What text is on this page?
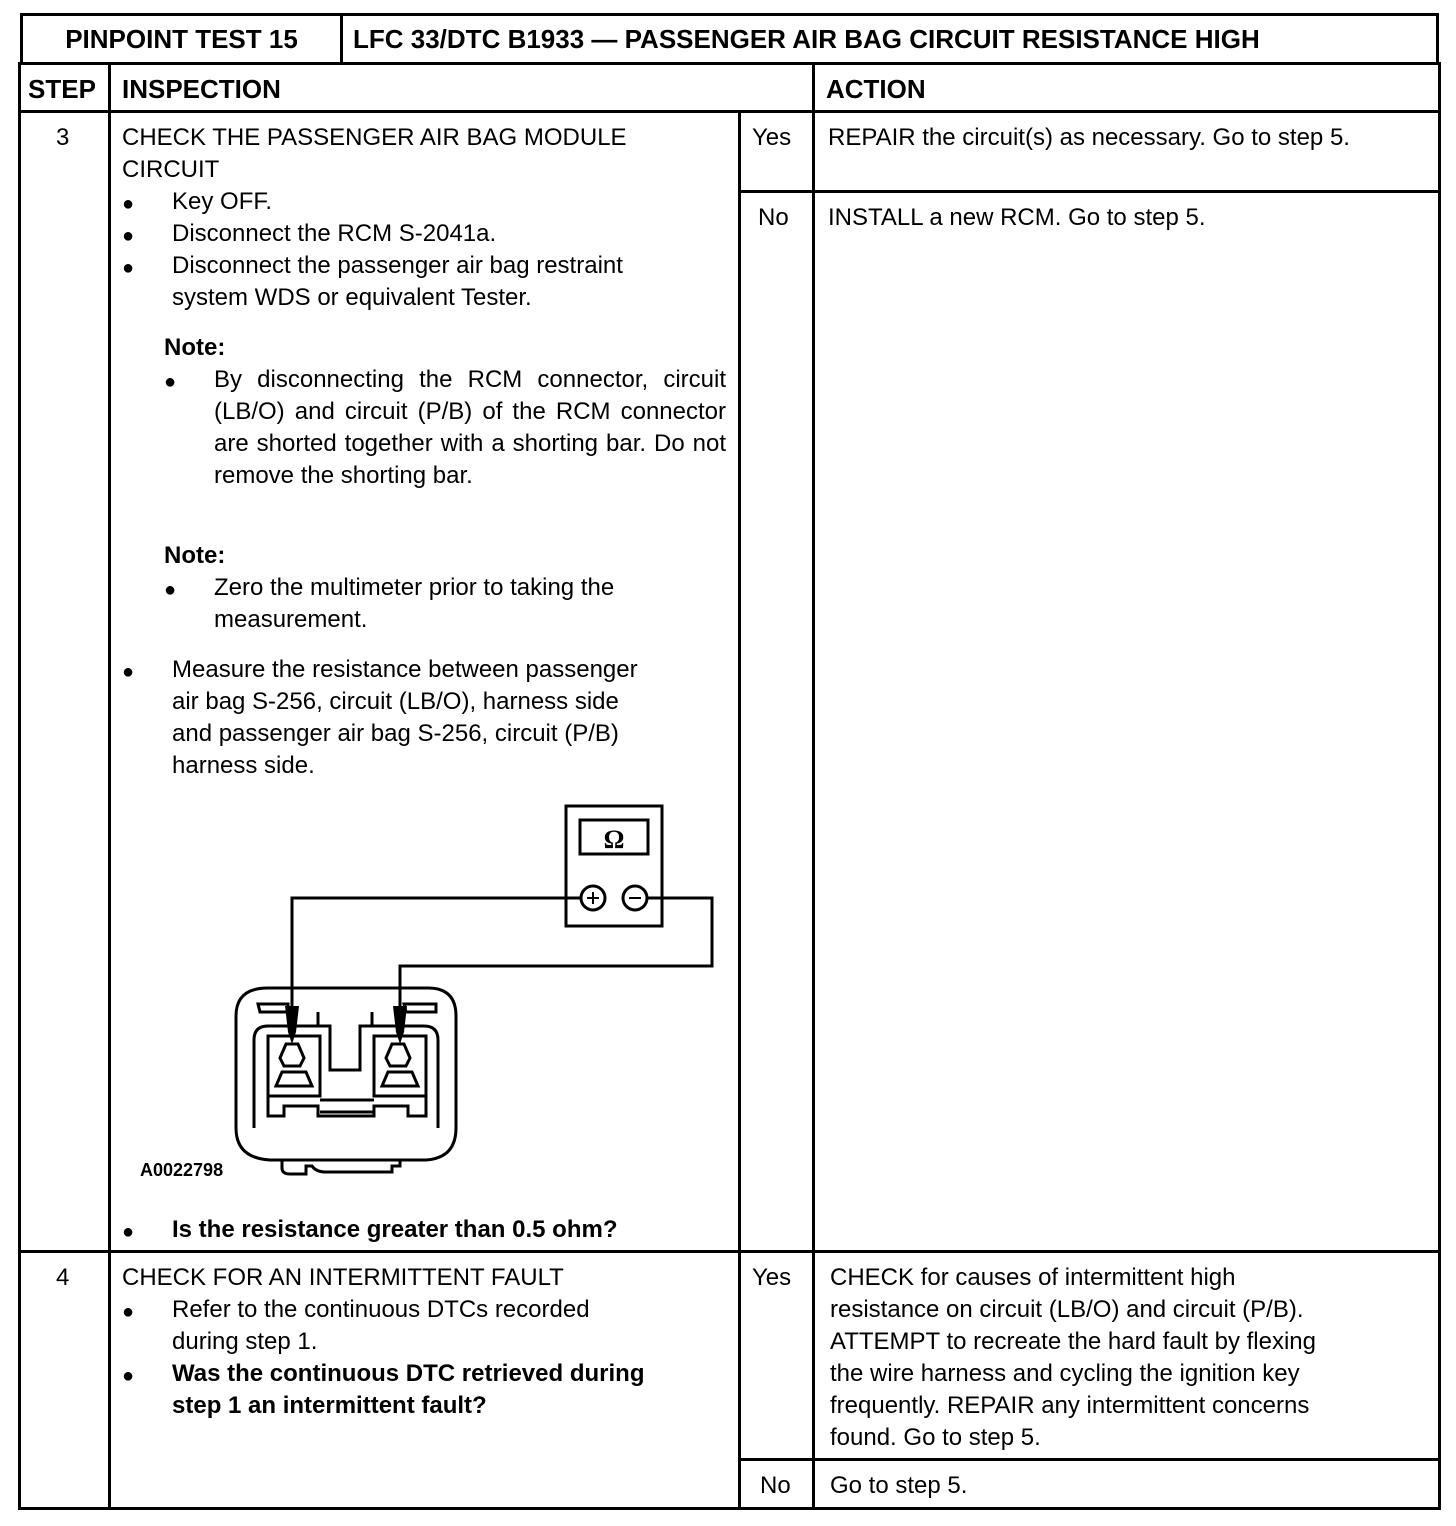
PINPOINT TEST 15	LFC 33/DTC B1933 — PASSENGER AIR BAG CIRCUIT RESISTANCE HIGH
STEP INSPECTION	ACTION
3 CHECK THE PASSENGER AIR BAG MODULE
CIRCUIT
● Key OFF.
● Disconnect the RCM S-2041a.
● Disconnect the passenger air bag restraint
system WDS or equivalent Tester.
Note:
● By disconnecting the RCM connector, circuit (LB/O) and circuit (P/B) of the RCM connector are shorted together with a shorting bar. Do not remove the shorting bar.
Note:
● Zero the multimeter prior to taking the measurement.
● Measure the resistance between passenger
air bag S-256, circuit (LB/O), harness side
and passenger air bag S-256, circuit (P/B)
harness side.
Ω
A0022798
● Is the resistance greater than 0.5 ohm?
Yes REPAIR the circuit(s) as necessary. Go to step 5.
No INSTALL a new RCM. Go to step 5.
4 CHECK FOR AN INTERMITTENT FAULT
● Refer to the continuous DTCs recorded
during step 1.
● Was the continuous DTC retrieved during
step 1 an intermittent fault?
Yes CHECK for causes of intermittent high
resistance on circuit (LB/O) and circuit (P/B).
ATTEMPT to recreate the hard fault by flexing
the wire harness and cycling the ignition key
frequently. REPAIR any intermittent concerns
found. Go to step 5.
No Go to step 5.
